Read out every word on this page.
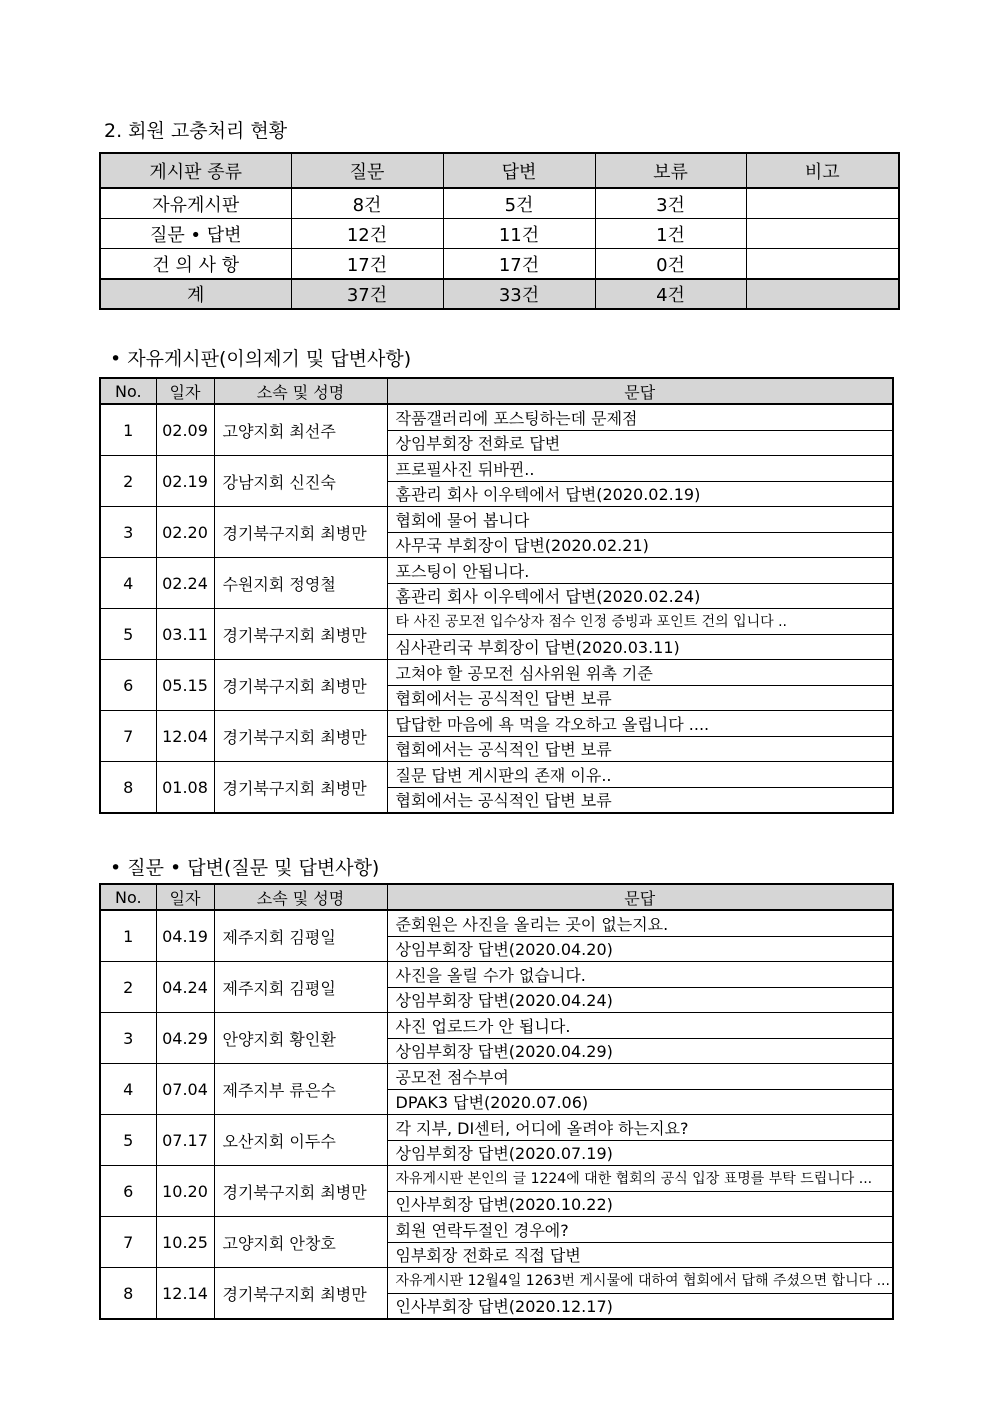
2. 회원 고충처리 현황
게시판 종류	질문	답변	보류	비고
자유게시판	8건	5건	3건	
질문 • 답변	12건	11건	1건	
건 의 사 항	17건	17건	0건	
계	37건	33건	4건	
• 자유게시판(이의제기 및 답변사항)
No.	일자	소속 및 성명	문답
1	02.09	고양지회 최선주	작품갤러리에 포스팅하는데 문제점
			상임부회장 전화로 답변
2	02.19	강남지회 신진숙	프로필사진 뒤바뀐..
			홈관리 회사 이우텍에서 답변(2020.02.19)
3	02.20	경기북구지회 최병만	협회에 물어 봅니다
			사무국 부회장이 답변(2020.02.21)
4	02.24	수원지회 정영철	포스팅이 안됩니다.
			홈관리 회사 이우텍에서 답변(2020.02.24)
5	03.11	경기북구지회 최병만	타 사진 공모전 입수상자 점수 인정 증빙과 포인트 건의 입니다 ..
			심사관리국 부회장이 답변(2020.03.11)
6	05.15	경기북구지회 최병만	고쳐야 할 공모전 심사위원 위촉 기준
			협회에서는 공식적인 답변 보류
7	12.04	경기북구지회 최병만	답답한 마음에 욕 먹을 각오하고 올립니다 ....
			협회에서는 공식적인 답변 보류
8	01.08	경기북구지회 최병만	질문 답변 게시판의 존재 이유..
			협회에서는 공식적인 답변 보류
• 질문 • 답변(질문 및 답변사항)
No.	일자	소속 및 성명	문답
1	04.19	제주지회 김평일	준회원은 사진을 올리는 곳이 없는지요.
			상임부회장 답변(2020.04.20)
2	04.24	제주지회 김평일	사진을 올릴 수가 없습니다.
			상임부회장 답변(2020.04.24)
3	04.29	안양지회 황인환	사진 업로드가 안 됩니다.
			상임부회장 답변(2020.04.29)
4	07.04	제주지부 류은수	공모전 점수부여
			DPAK3 답변(2020.07.06)
5	07.17	오산지회 이두수	각 지부, DI센터, 어디에 올려야 하는지요?
			상임부회장 답변(2020.07.19)
6	10.20	경기북구지회 최병만	자유게시판 본인의 글 1224에 대한 협회의 공식 입장 표명를 부탁 드립니다 ...
			인사부회장 답변(2020.10.22)
7	10.25	고양지회 안창호	회원 연락두절인 경우에?
			임부회장 전화로 직접 답변
8	12.14	경기북구지회 최병만	자유게시판 12월4일 1263번 게시물에 대하여 협회에서 답해 주셨으면 합니다 ...
			인사부회장 답변(2020.12.17)
